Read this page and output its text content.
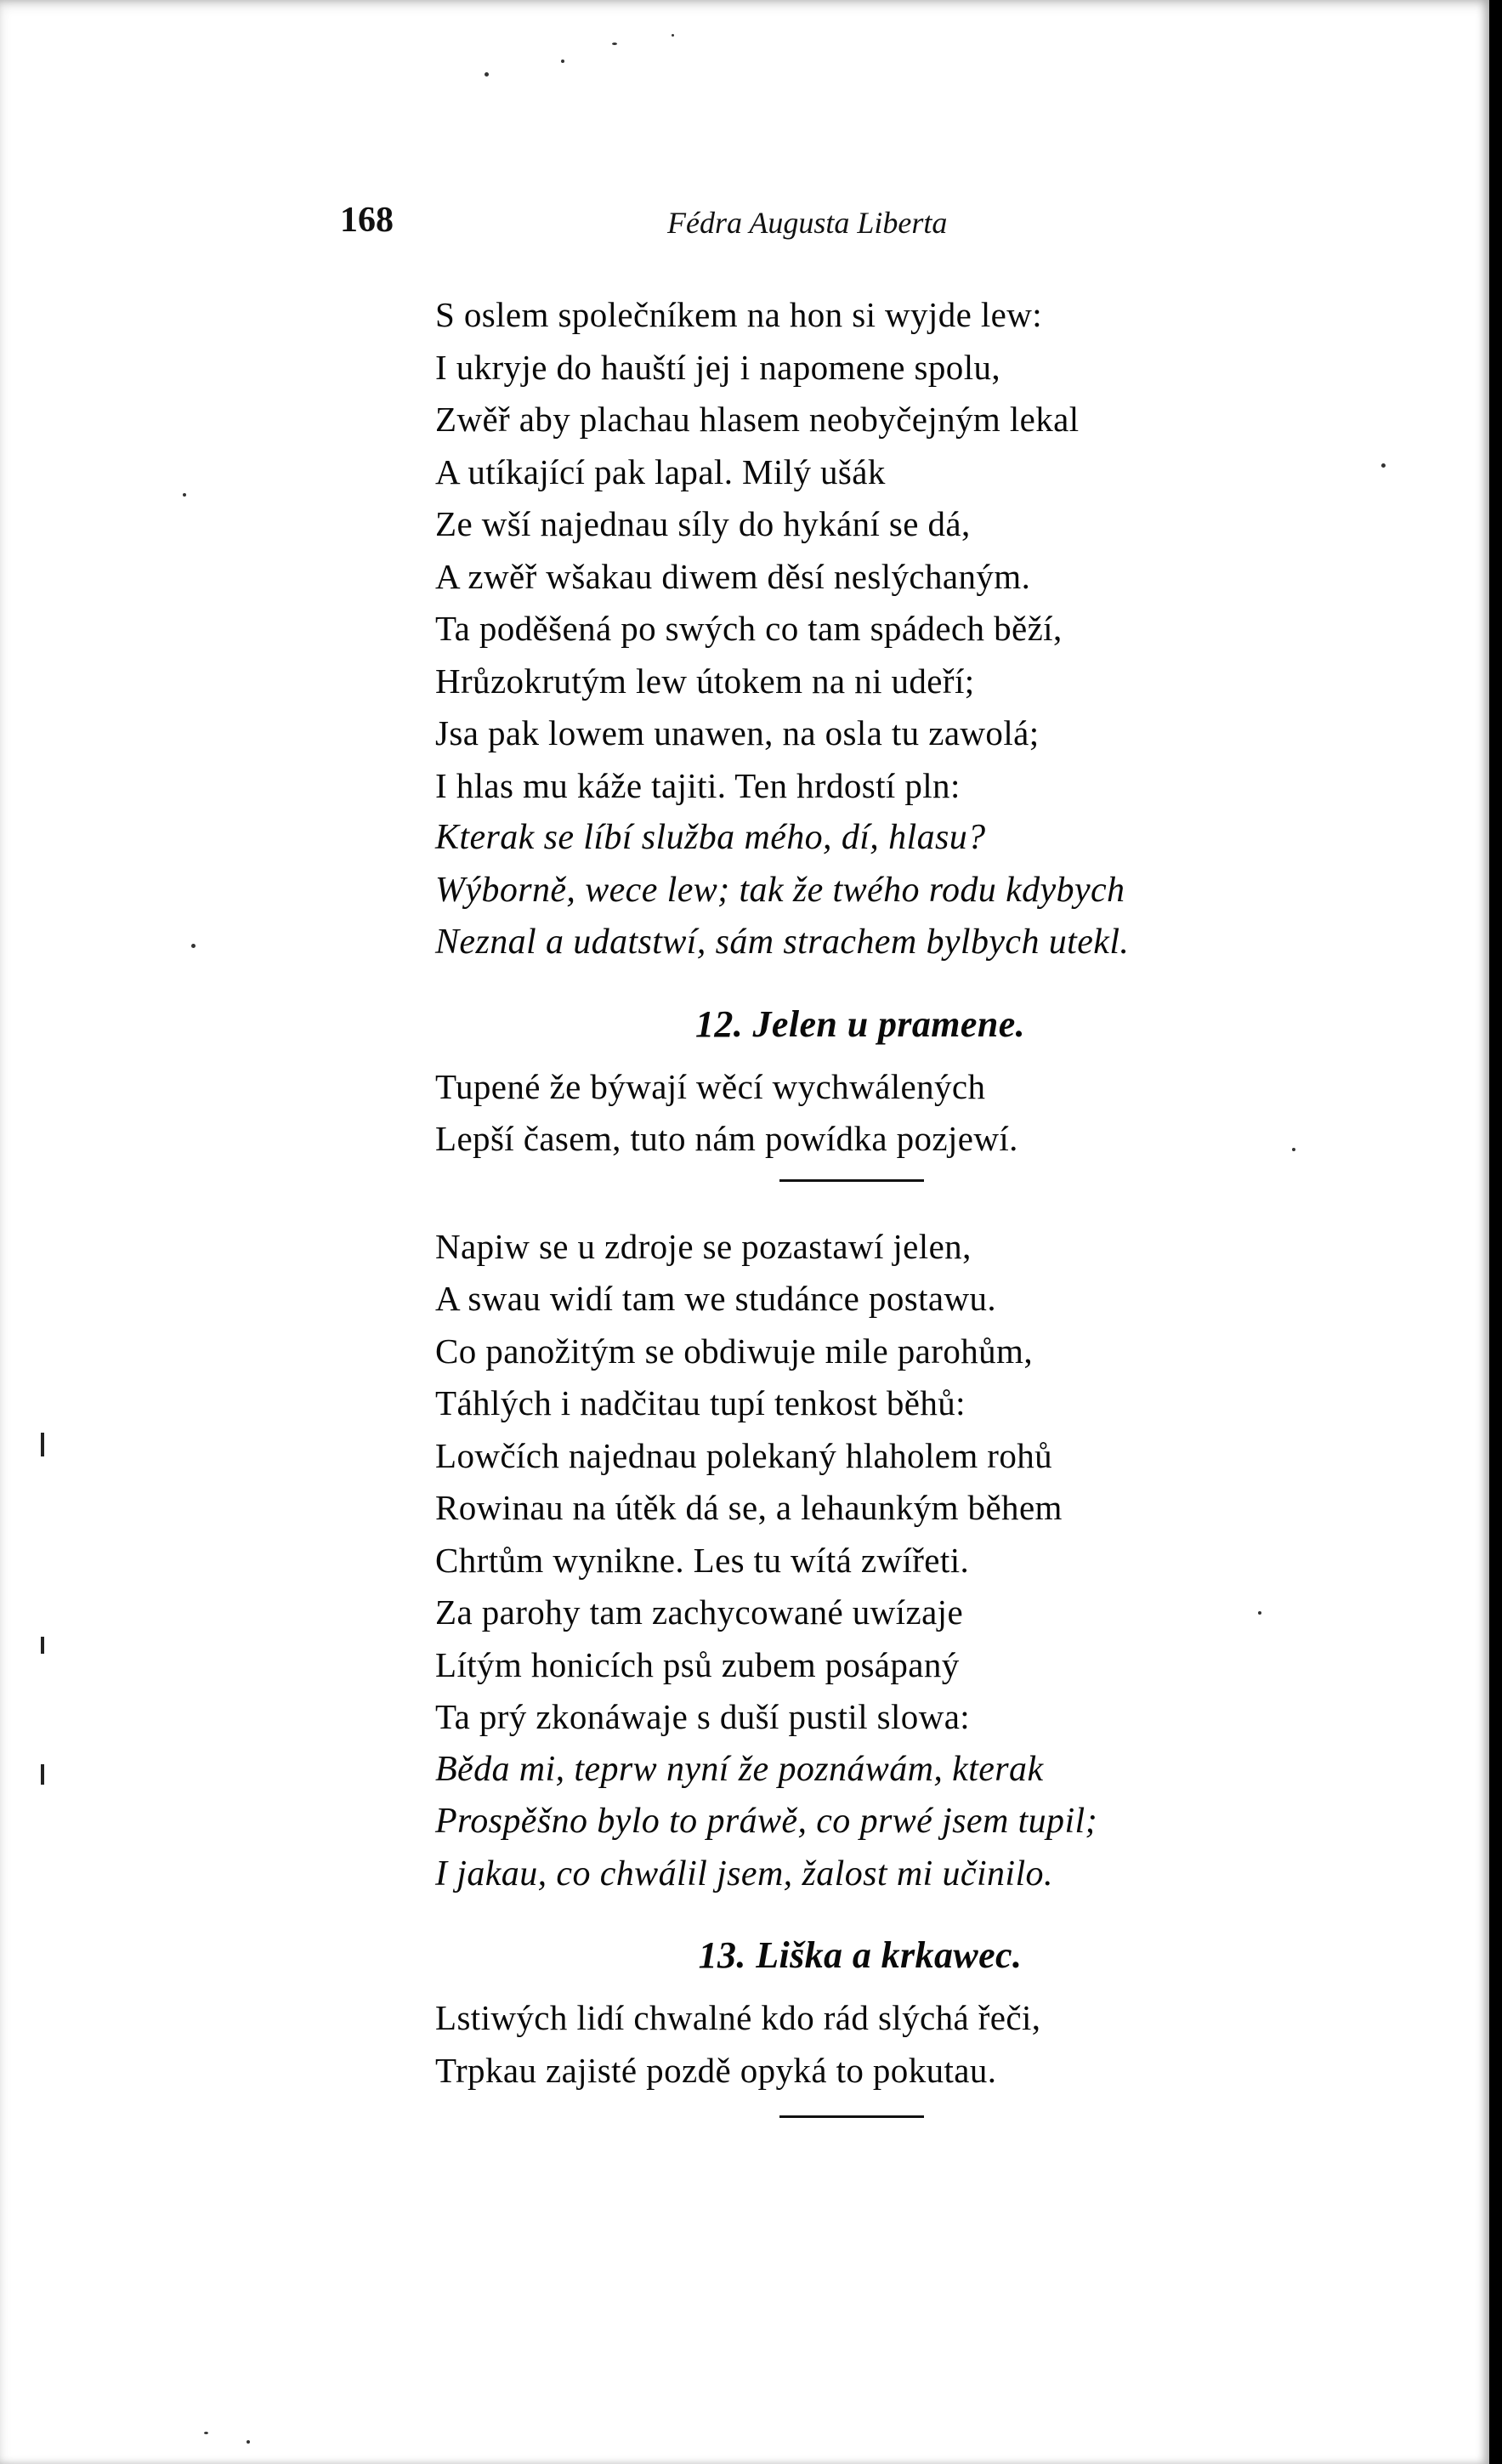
168	Fédra Augusta Liberta
S oslem společníkem na hon si wyjde lew:
I ukryje do hauští jej i napomene spolu,
Zwěř aby plachau hlasem neobyčejným lekal
A utíkající pak lapal. Milý ušák
Ze wší najednau síly do hykání se dá,
A zwěř wšakau diwem děsí neslýchaným.
Ta poděšená po swých co tam spádech běží,
Hrůzokrutým lew útokem na ni udeří;
Jsa pak lowem unawen, na osla tu zawolá;
I hlas mu káže tajiti. Ten hrdostí pln:
Kterak se líbí služba mého, dí, hlasu?
Wýborně, wece lew; tak že twého rodu kdybych
Neznal a udatstwí, sám strachem bylbych utekl.
12. Jelen u pramene.
Tupené že býwají wěcí wychwálených
Lepší časem, tuto nám powídka pozjewí.
Napiw se u zdroje se pozastawí jelen,
A swau widí tam we studánce postawu.
Co panožitým se obdiwuje mile parohům,
Táhlých i nadčitau tupí tenkost běhů:
Lowčích najednau polekaný hlaholem rohů
Rowinau na útěk dá se, a lehaunkým během
Chrtům wynikne. Les tu wítá zwířeti.
Za parohy tam zachycowané uwízaje
Lítým honicích psů zubem posápaný
Ta prý zkonáwaje s duší pustil slowa:
Běda mi, teprw nyní že poznáwám, kterak
Prospěšno bylo to práwě, co prwé jsem tupil;
I jakau, co chwálil jsem, žalost mi učinilo.
13. Liška a krkawec.
Lstiwých lidí chwalné kdo rád slýchá řeči,
Trpkau zajisté pozdě opyká to pokutau.
